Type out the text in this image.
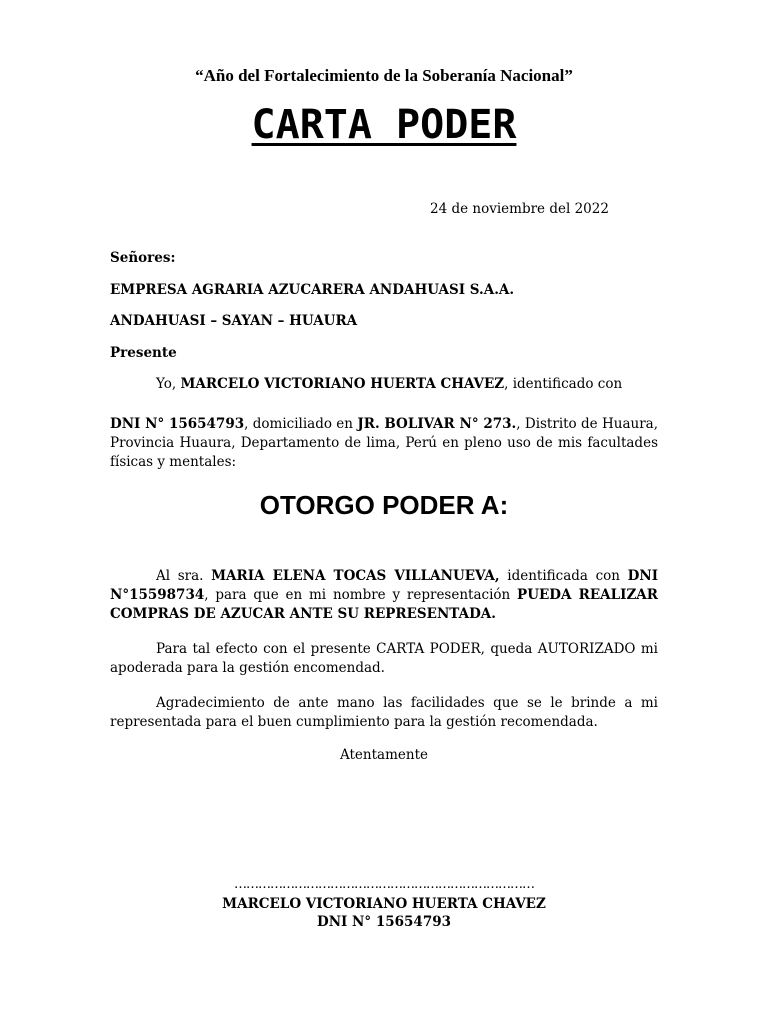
“Año del Fortalecimiento de la Soberanía Nacional”
CARTA PODER
24 de noviembre del 2022
Señores:
EMPRESA AGRARIA AZUCARERA ANDAHUASI S.A.A.
ANDAHUASI – SAYAN – HUAURA
Presente
Yo, MARCELO VICTORIANO HUERTA CHAVEZ, identificado con
DNI N° 15654793, domiciliado en JR. BOLIVAR N° 273., Distrito de Huaura, Provincia Huaura, Departamento de lima, Perú en pleno uso de mis facultades físicas y mentales:
OTORGO PODER A:
Al sra. MARIA ELENA TOCAS VILLANUEVA, identificada con DNI N°15598734, para que en mi nombre y representación PUEDA REALIZAR COMPRAS DE AZUCAR ANTE SU REPRESENTADA.
Para tal efecto con el presente CARTA PODER, queda AUTORIZADO mi apoderada para la gestión encomendad.
Agradecimiento de ante mano las facilidades que se le brinde a mi representada para el buen cumplimiento para la gestión recomendada.
Atentamente
…………………………………………………………………
MARCELO VICTORIANO HUERTA CHAVEZ
DNI N° 15654793
